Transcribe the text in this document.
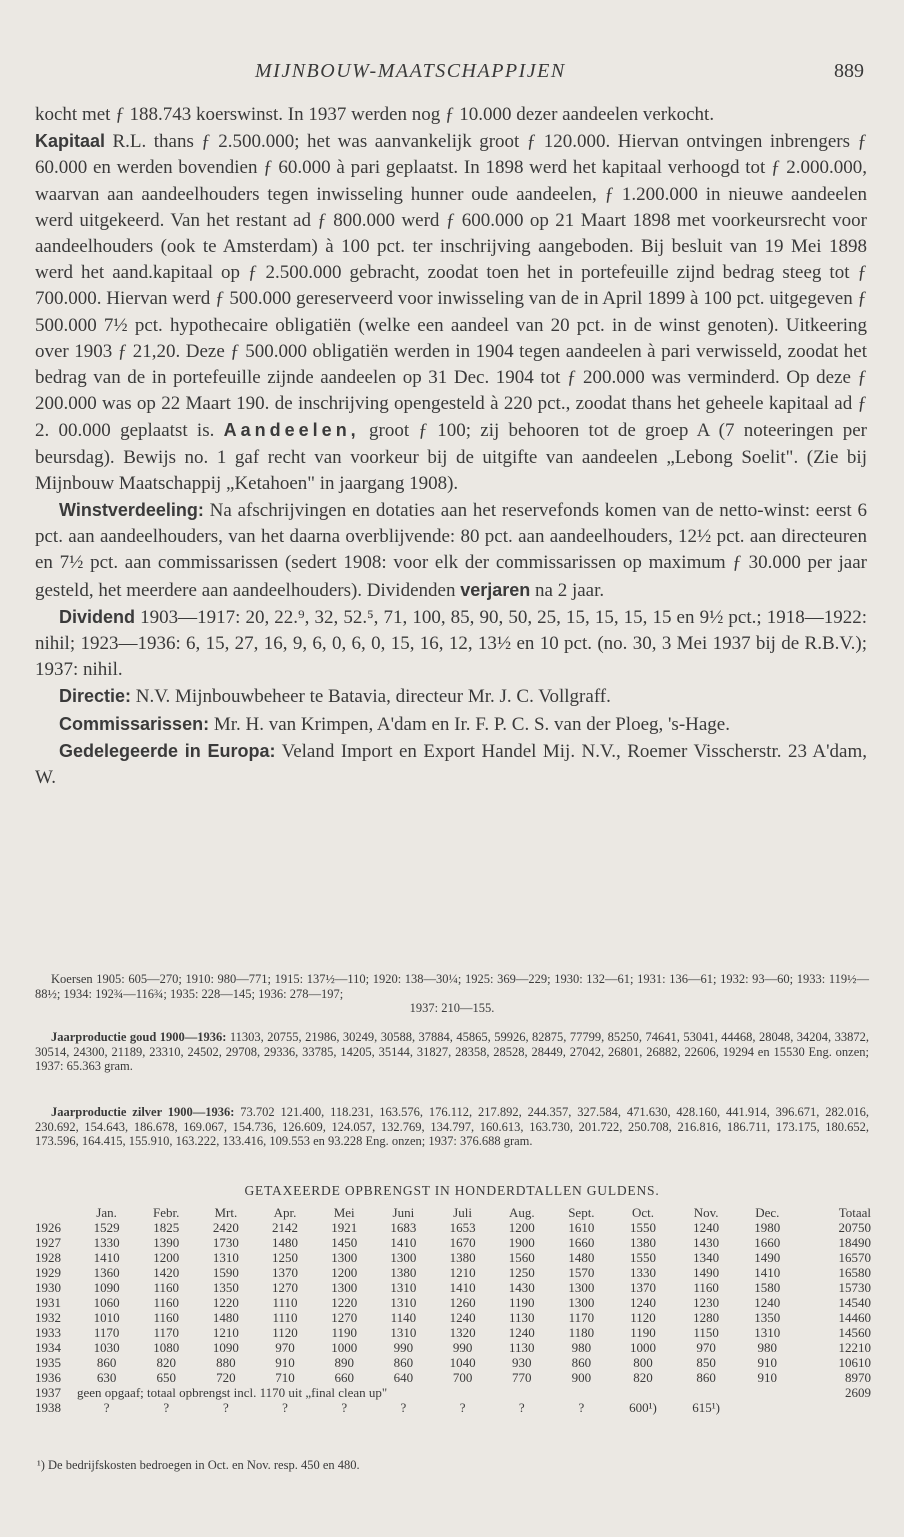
MIJNBOUW-MAATSCHAPPIJEN	889

kocht met ƒ 188.743 koerswinst. In 1937 werden nog ƒ 10.000 dezer aandeelen verkocht.

Kapitaal R.L. thans ƒ 2.500.000; het was aanvankelijk groot ƒ 120.000. Hiervan ontvingen inbrengers ƒ 60.000 en werden bovendien ƒ 60.000 à pari geplaatst. In 1898 werd het kapitaal verhoogd tot ƒ 2.000.000, waarvan aan aandeelhouders tegen inwisseling hunner oude aandeelen, ƒ 1.200.000 in nieuwe aandeelen werd uitgekeerd. Van het restant ad ƒ 800.000 werd ƒ 600.000 op 21 Maart 1898 met voorkeursrecht voor aandeelhouders (ook te Amsterdam) à 100 pct. ter inschrijving aangeboden. Bij besluit van 19 Mei 1898 werd het aand.kapitaal op ƒ 2.500.000 gebracht, zoodat toen het in portefeuille zijnd bedrag steeg tot ƒ 700.000. Hiervan werd ƒ 500.000 gereserveerd voor inwisseling van de in April 1899 à 100 pct. uitgegeven ƒ 500.000 7½ pct. hypothecaire obligatiën (welke een aandeel van 20 pct. in de winst genoten). Uitkeering over 1903 ƒ 21,20. Deze ƒ 500.000 obligatiën werden in 1904 tegen aandeelen à pari verwisseld, zoodat het bedrag van de in portefeuille zijnde aandeelen op 31 Dec. 1904 tot ƒ 200.000 was verminderd. Op deze ƒ 200.000 was op 22 Maart 190. de inschrijving opengesteld à 220 pct., zoodat thans het geheele kapitaal ad ƒ 2. 00.000 geplaatst is. Aandeelen, groot ƒ 100; zij behooren tot de groep A (7 noteeringen per beursdag). Bewijs no. 1 gaf recht van voorkeur bij de uitgifte van aandeelen „Lebong Soelit". (Zie bij Mijnbouw Maatschappij „Ketahoen" in jaargang 1908).

Winstverdeeling: Na afschrijvingen en dotaties aan het reservefonds komen van de netto-winst: eerst 6 pct. aan aandeelhouders, van het daarna overblijvende: 80 pct. aan aandeelhouders, 12½ pct. aan directeuren en 7½ pct. aan commissarissen (sedert 1908: voor elk der commissarissen op maximum ƒ 30.000 per jaar gesteld, het meerdere aan aandeelhouders). Dividenden verjaren na 2 jaar.

Dividend 1903—1917: 20, 22.⁹, 32, 52.⁵, 71, 100, 85, 90, 50, 25, 15, 15, 15, 15 en 9½ pct.; 1918—1922: nihil; 1923—1936: 6, 15, 27, 16, 9, 6, 0, 6, 0, 15, 16, 12, 13½ en 10 pct. (no. 30, 3 Mei 1937 bij de R.B.V.); 1937: nihil.

Directie: N.V. Mijnbouwbeheer te Batavia, directeur Mr. J. C. Vollgraff.

Commissarissen: Mr. H. van Krimpen, A'dam en Ir. F. P. C. S. van der Ploeg, 's-Hage.

Gedelegeerde in Europa: Veland Import en Export Handel Mij. N.V., Roemer Visscherstr. 23 A'dam, W.

Koersen 1905: 605—270; 1910: 980—771; 1915: 137½—110; 1920: 138—30¼; 1925: 369—229; 1930: 132—61; 1931: 136—61; 1932: 93—60; 1933: 119½—88½; 1934: 192¾—116¾; 1935: 228—145; 1936: 278—197;

1937: 210—155.

Jaarproductie goud 1900—1936: 11303, 20755, 21986, 30249, 30588, 37884, 45865, 59926, 82875, 77799, 85250, 74641, 53041, 44468, 28048, 34204, 33872, 30514, 24300, 21189, 23310, 24502, 29708, 29336, 33785, 14205, 35144, 31827, 28358, 28528, 28449, 27042, 26801, 26882, 22606, 19294 en 15530 Eng. onzen; 1937: 65.363 gram.

Jaarproductie zilver 1900—1936: 73.702 121.400, 118.231, 163.576, 176.112, 217.892, 244.357, 327.584, 471.630, 428.160, 441.914, 396.671, 282.016, 230.692, 154.643, 186.678, 169.067, 154.736, 126.609, 124.057, 132.769, 134.797, 160.613, 163.730, 201.722, 250.708, 216.816, 186.711, 173.175, 180.652, 173.596, 164.415, 155.910, 163.222, 133.416, 109.553 en 93.228 Eng. onzen; 1937: 376.688 gram.

GETAXEERDE OPBRENGST IN HONDERDTALLEN GULDENS.
	Jan.	Febr.	Mrt.	Apr.	Mei	Juni	Juli	Aug.	Sept.	Oct.	Nov.	Dec.	Totaal
1926	1529	1825	2420	2142	1921	1683	1653	1200	1610	1550	1240	1980	20750
1927	1330	1390	1730	1480	1450	1410	1670	1900	1660	1380	1430	1660	18490
1928	1410	1200	1310	1250	1300	1300	1380	1560	1480	1550	1340	1490	16570
1929	1360	1420	1590	1370	1200	1380	1210	1250	1570	1330	1490	1410	16580
1930	1090	1160	1350	1270	1300	1310	1410	1430	1300	1370	1160	1580	15730
1931	1060	1160	1220	1110	1220	1310	1260	1190	1300	1240	1230	1240	14540
1932	1010	1160	1480	1110	1270	1140	1240	1130	1170	1120	1280	1350	14460
1933	1170	1170	1210	1120	1190	1310	1320	1240	1180	1190	1150	1310	14560
1934	1030	1080	1090	970	1000	990	990	1130	980	1000	970	980	12210
1935	860	820	880	910	890	860	1040	930	860	800	850	910	10610
1936	630	650	720	710	660	640	700	770	900	820	860	910	8970
1937	geen opgaaf; totaal opbrengst incl. 1170 uit „final clean up"												2609
1938	?	?	?	?	?	?	?	?	?	600¹)	615¹)		
¹) De bedrijfskosten bedroegen in Oct. en Nov. resp. 450 en 480.
